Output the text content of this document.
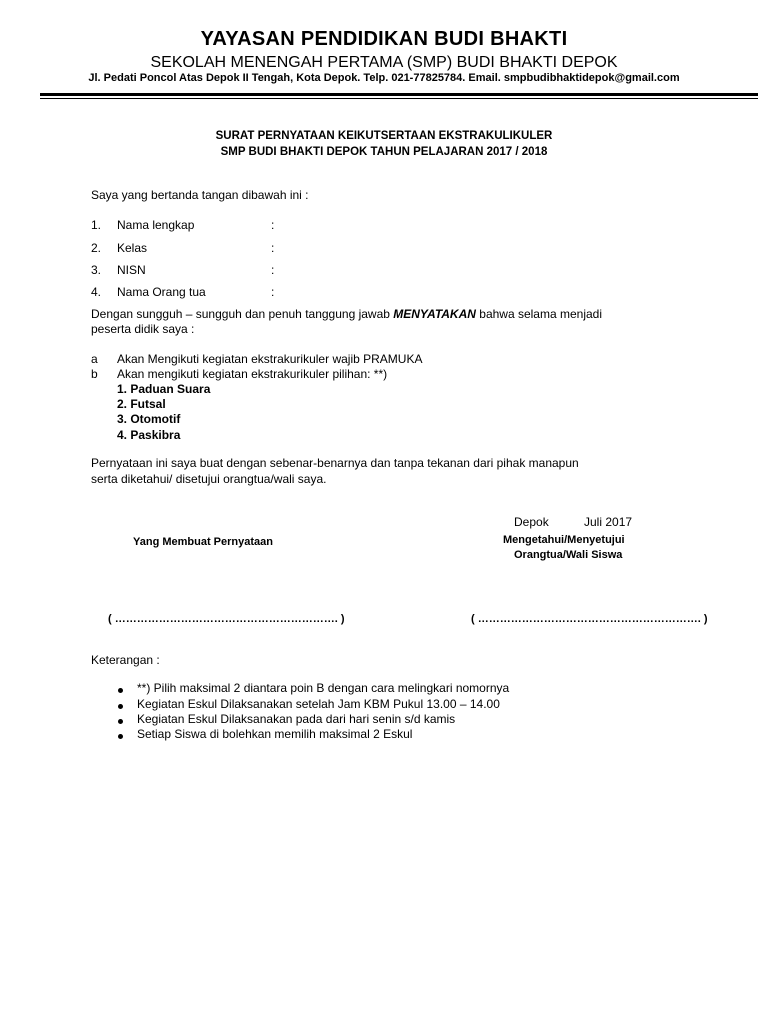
YAYASAN PENDIDIKAN BUDI BHAKTI
SEKOLAH MENENGAH PERTAMA (SMP) BUDI BHAKTI DEPOK
Jl. Pedati Poncol Atas Depok II Tengah, Kota Depok. Telp. 021-77825784. Email. smpbudibhaktidepok@gmail.com
SURAT PERNYATAAN KEIKUTSERTAAN EKSTRAKULIKULER
SMP BUDI BHAKTI DEPOK TAHUN PELAJARAN 2017 / 2018
Saya yang bertanda tangan dibawah ini :
1. Nama lengkap	:
2. Kelas	:
3. NISN	:
4. Nama Orang tua	:
Dengan sungguh – sungguh dan penuh tanggung jawab MENYATAKAN bahwa selama menjadi
peserta didik saya :
a Akan Mengikuti kegiatan ekstrakurikuler wajib PRAMUKA
b Akan mengikuti kegiatan ekstrakurikuler pilihan: **)
1. Paduan Suara
2. Futsal
3. Otomotif
4. Paskibra
Pernyataan ini saya buat dengan sebenar-benarnya dan tanpa tekanan dari pihak manapun
serta diketahui/ disetujui orangtua/wali saya.
Depok	Juli 2017
Yang Membuat Pernyataan	Mengetahui/Menyetujui
Orangtua/Wali Siswa
( ……………………………………………………. )	( ……………………………………………………. )
Keterangan :
**) Pilih maksimal 2 diantara poin B dengan cara melingkari nomornya
Kegiatan Eskul Dilaksanakan setelah Jam KBM Pukul 13.00 – 14.00
Kegiatan Eskul Dilaksanakan pada dari hari senin s/d kamis
Setiap Siswa di bolehkan memilih maksimal 2 Eskul
